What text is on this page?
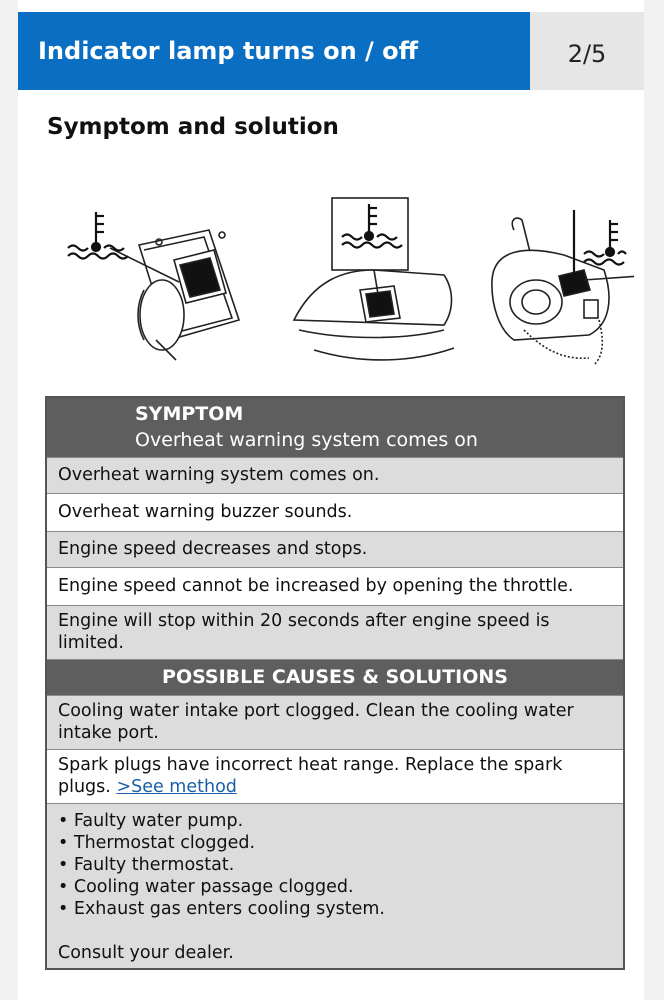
Indicator lamp turns on / off	2/5
Symptom and solution
SYMPTOM
Overheat warning system comes on

Overheat warning system comes on.
Overheat warning buzzer sounds.
Engine speed decreases and stops.
Engine speed cannot be increased by opening the throttle.
Engine will stop within 20 seconds after engine speed is limited.
POSSIBLE CAUSES & SOLUTIONS
Cooling water intake port clogged. Clean the cooling water intake port.
Spark plugs have incorrect heat range. Replace the spark plugs. >See method

• Faulty water pump.
• Thermostat clogged.
• Faulty thermostat.
• Cooling water passage clogged.
• Exhaust gas enters cooling system.
Consult your dealer.
